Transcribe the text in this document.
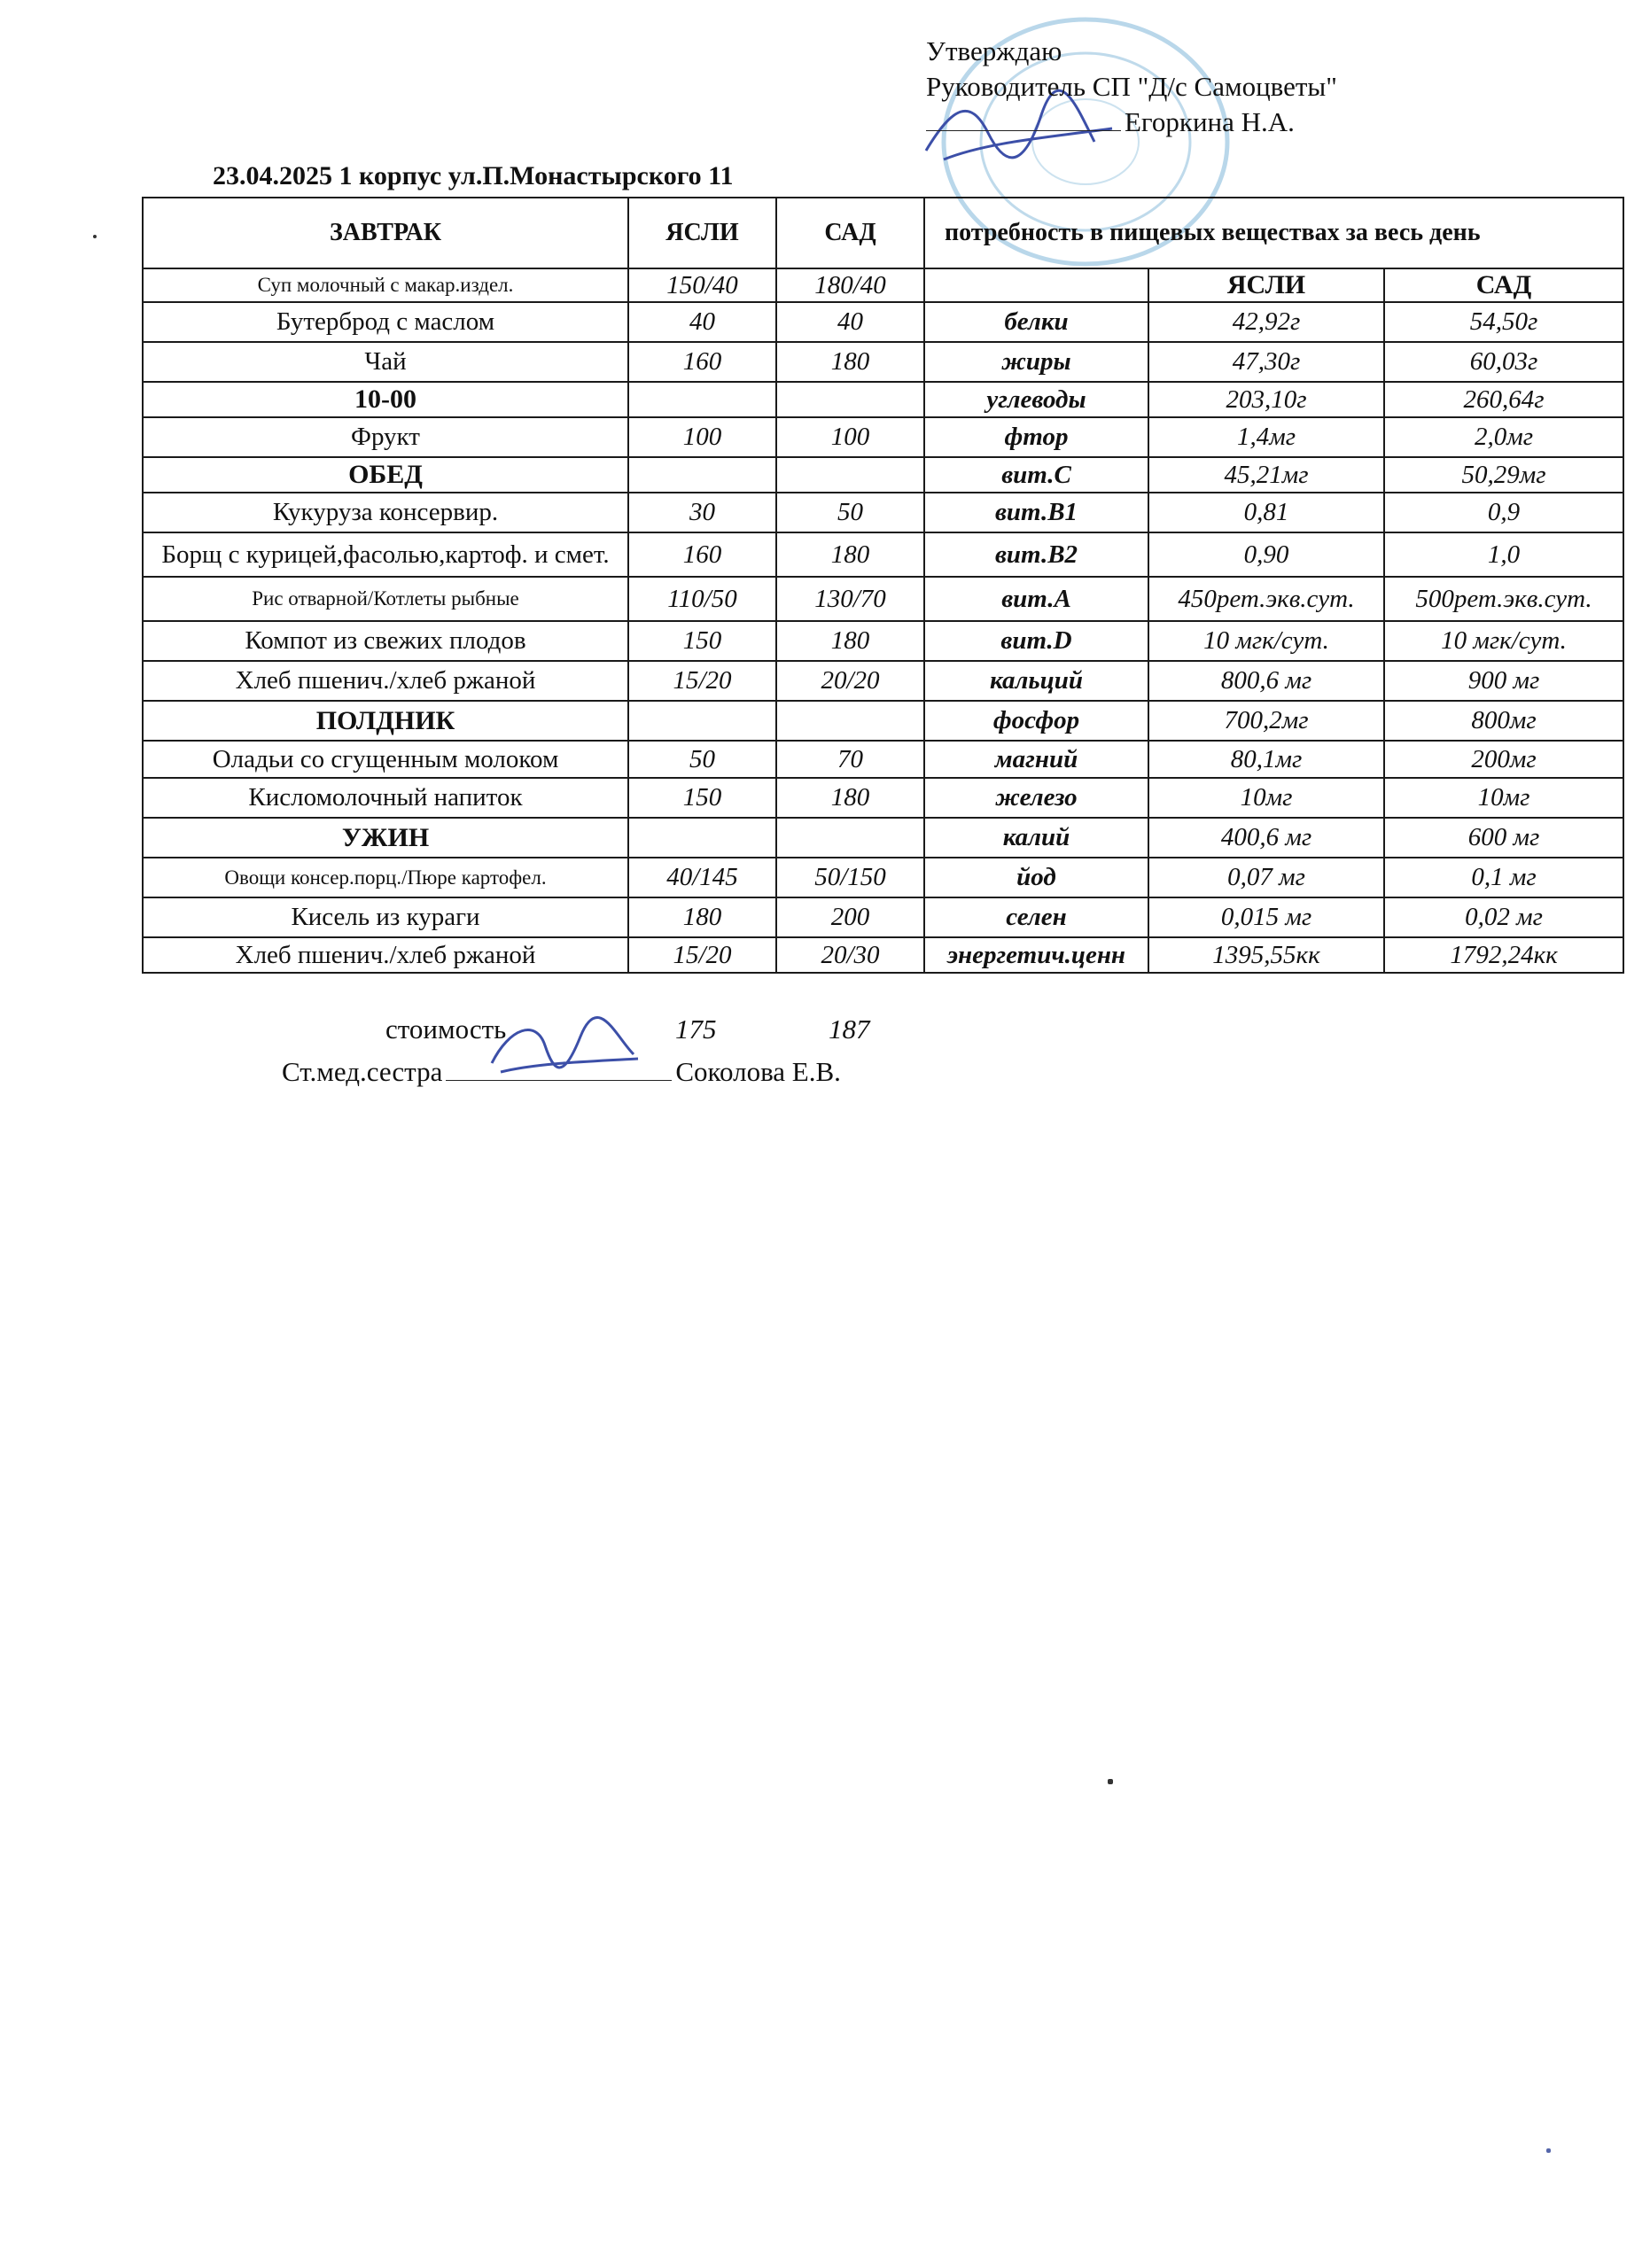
Утверждаю
Руководитель СП "Д/с Самоцветы"
Егоркина Н.А.
23.04.2025 1 корпус ул.П.Монастырского 11
ЗАВТРАК	ЯСЛИ	САД	потребность в пищевых веществах за весь день		
Суп молочный с макар.издел.	150/40	180/40		ЯСЛИ	САД
Бутерброд с маслом	40	40	белки	42,92г	54,50г
Чай	160	180	жиры	47,30г	60,03г
10-00			углеводы	203,10г	260,64г
Фрукт	100	100	фтор	1,4мг	2,0мг
ОБЕД			вит.С	45,21мг	50,29мг
Кукуруза консервир.	30	50	вит.В1	0,81	0,9
Борщ с курицей,фасолью,картоф. и смет.	160	180	вит.В2	0,90	1,0
Рис отварной/Котлеты рыбные	110/50	130/70	вит.А	450рет.экв.сут.	500рет.экв.сут.
Компот из свежих плодов	150	180	вит.D	10 мгк/сут.	10 мгк/сут.
Хлеб пшенич./хлеб ржаной	15/20	20/20	кальций	800,6 мг	900 мг
ПОЛДНИК			фосфор	700,2мг	800мг
Оладьи со сгущенным молоком	50	70	магний	80,1мг	200мг
Кисломолочный напиток	150	180	железо	10мг	10мг
УЖИН			калий	400,6 мг	600 мг
Овощи консер.порц./Пюре картофел.	40/145	50/150	йод	0,07 мг	0,1 мг
Кисель из кураги	180	200	селен	0,015 мг	0,02 мг
Хлеб пшенич./хлеб ржаной	15/20	20/30	энергетич.ценн	1395,55кк	1792,24кк
стоимость	175	187
Ст.мед.сестра	Соколова Е.В.
